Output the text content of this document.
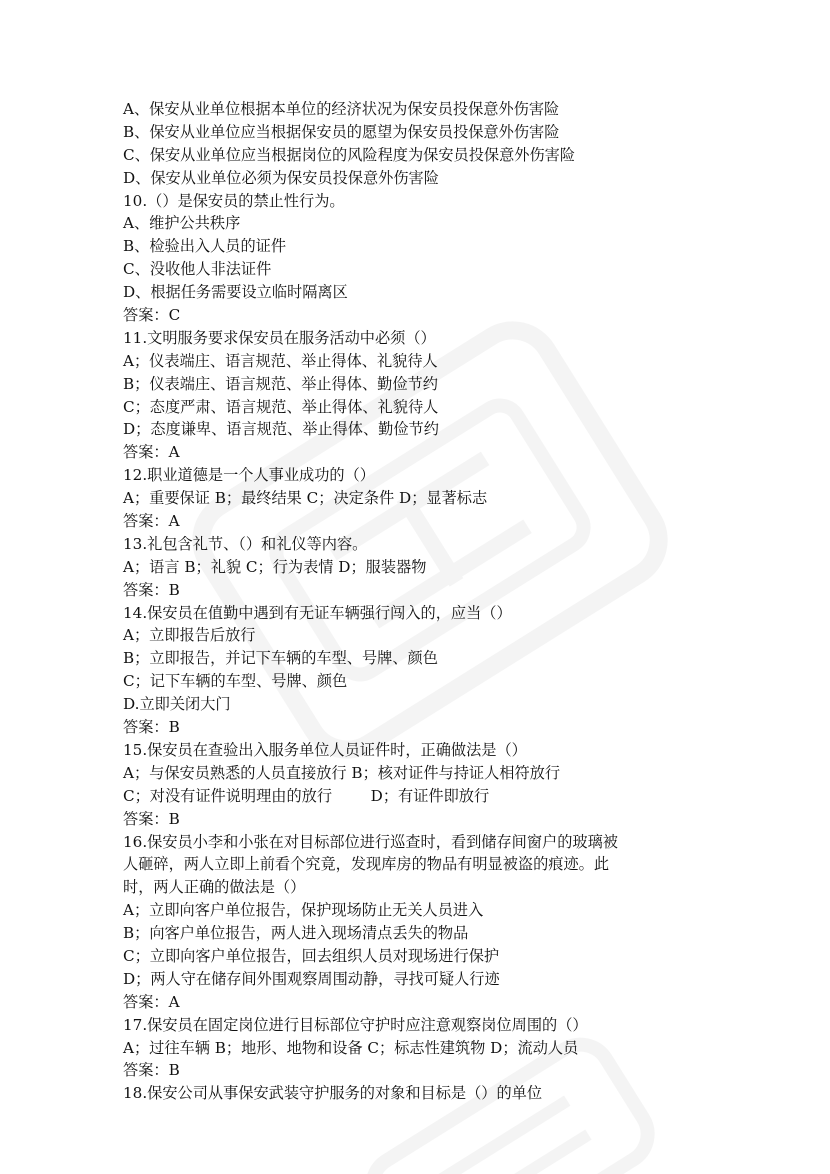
A、保安从业单位根据本单位的经济状况为保安员投保意外伤害险
B、保安从业单位应当根据保安员的愿望为保安员投保意外伤害险
C、保安从业单位应当根据岗位的风险程度为保安员投保意外伤害险
D、保安从业单位必须为保安员投保意外伤害险
10.（）是保安员的禁止性行为。
A、维护公共秩序
B、检验出入人员的证件
C、没收他人非法证件
D、根据任务需要设立临时隔离区
答案：C
11.文明服务要求保安员在服务活动中必须（）
A；仪表端庄、语言规范、举止得体、礼貌待人
B；仪表端庄、语言规范、举止得体、勤俭节约
C；态度严肃、语言规范、举止得体、礼貌待人
D；态度谦卑、语言规范、举止得体、勤俭节约
答案：A
12.职业道德是一个人事业成功的（）
A；重要保证 B；最终结果 C；决定条件 D；显著标志
答案：A
13.礼包含礼节、（）和礼仪等内容。
A；语言 B；礼貌 C；行为表情 D；服装器物
答案：B
14.保安员在值勤中遇到有无证车辆强行闯入的，应当（）
A；立即报告后放行
B；立即报告，并记下车辆的车型、号牌、颜色
C；记下车辆的车型、号牌、颜色
D.立即关闭大门
答案：B
15.保安员在查验出入服务单位人员证件时，正确做法是（）
A；与保安员熟悉的人员直接放行 B；核对证件与持证人相符放行
C；对没有证件说明理由的放行        D；有证件即放行
答案：B
16.保安员小李和小张在对目标部位进行巡查时，看到储存间窗户的玻璃被
人砸碎，两人立即上前看个究竟，发现库房的物品有明显被盗的痕迹。此
时，两人正确的做法是（）
A；立即向客户单位报告，保护现场防止无关人员进入
B；向客户单位报告，两人进入现场清点丢失的物品
C；立即向客户单位报告，回去组织人员对现场进行保护
D；两人守在储存间外围观察周围动静，寻找可疑人行迹
答案：A
17.保安员在固定岗位进行目标部位守护时应注意观察岗位周围的（）
A；过往车辆 B；地形、地物和设备 C；标志性建筑物 D；流动人员
答案：B
18.保安公司从事保安武装守护服务的对象和目标是（）的单位
